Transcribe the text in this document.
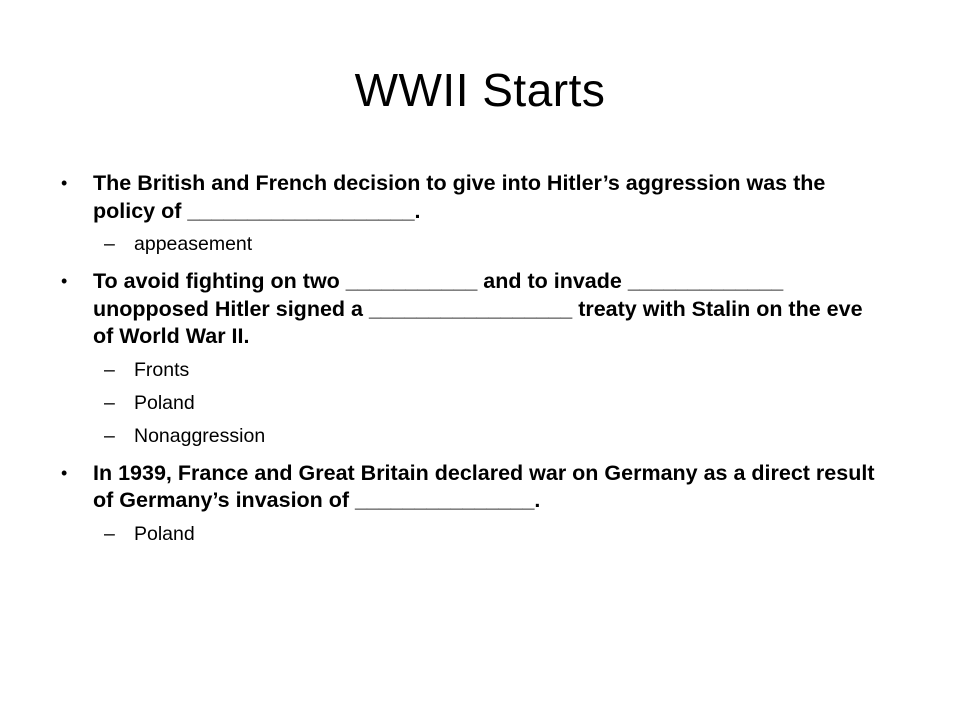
WWII Starts
• The British and French decision to give into Hitler’s aggression was the policy of ___________________.
– appeasement
• To avoid fighting on two ___________ and to invade _____________ unopposed Hitler signed a _________________ treaty with Stalin on the eve of World War II.
– Fronts
– Poland
– Nonaggression
• In 1939, France and Great Britain declared war on Germany as a direct result of Germany’s invasion of _______________.
– Poland
